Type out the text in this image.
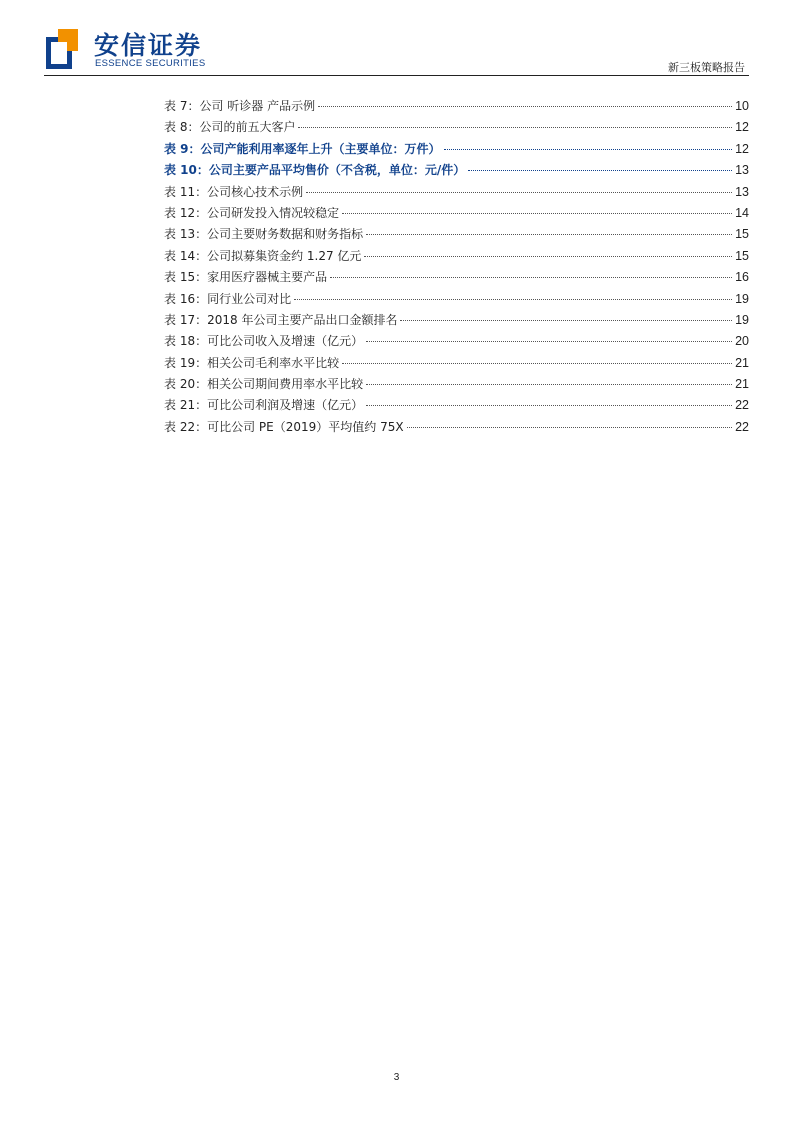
安信证券
ESSENCE SECURITIES	新三板策略报告
表 7：公司 听诊器 产品示例	10
表 8：公司的前五大客户	12
表 9：公司产能利用率逐年上升（主要单位：万件）	12
表 10：公司主要产品平均售价（不含税，单位：元/件）	13
表 11：公司核心技术示例	13
表 12：公司研发投入情况较稳定	14
表 13：公司主要财务数据和财务指标	15
表 14：公司拟募集资金约 1.27 亿元	15
表 15：家用医疗器械主要产品	16
表 16：同行业公司对比	19
表 17：2018 年公司主要产品出口金额排名	19
表 18：可比公司收入及增速（亿元）	20
表 19：相关公司毛利率水平比较	21
表 20：相关公司期间费用率水平比较	21
表 21：可比公司利润及增速（亿元）	22
表 22：可比公司 PE（2019）平均值约 75X	22
3
